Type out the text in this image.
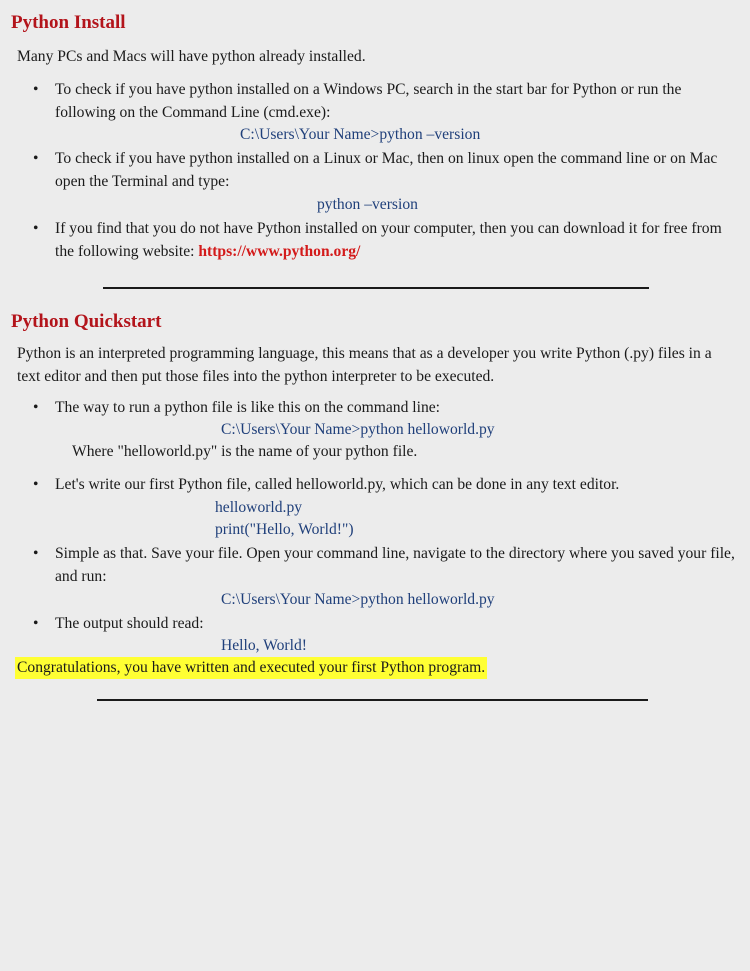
Python Install

Many PCs and Macs will have python already installed.

• To check if you have python installed on a Windows PC, search in the start bar for Python or run the following on the Command Line (cmd.exe):

C:\Users\Your Name>python –version
• To check if you have python installed on a Linux or Mac, then on linux open the command line or on Mac open the Terminal and type:

python –version
• If you find that you do not have Python installed on your computer, then you can download it for free from the following website: https://www.python.org/

Python Quickstart

Python is an interpreted programming language, this means that as a developer you write Python (.py) files in a text editor and then put those files into the python interpreter to be executed.

• The way to run a python file is like this on the command line:

C:\Users\Your Name>python helloworld.py
Where "helloworld.py" is the name of your python file.
• Let's write our first Python file, called helloworld.py, which can be done in any text editor.

helloworld.py
print("Hello, World!")
• Simple as that. Save your file. Open your command line, navigate to the directory where you saved your file, and run:

C:\Users\Your Name>python helloworld.py
• The output should read:

Hello, World!
Congratulations, you have written and executed your first Python program.
